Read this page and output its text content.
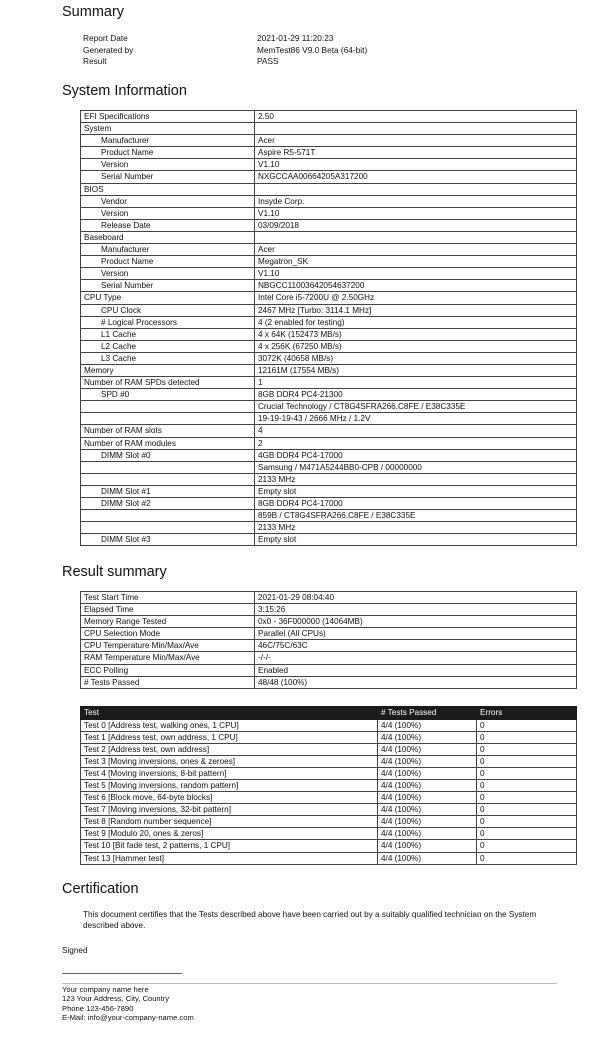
Summary
Report Date	2021-01-29 11:20:23
Generated by	MemTest86 V9.0 Beta (64-bit)
Result	PASS
System Information
EFI Specifications	2.50
System	
Manufacturer	Acer
Product Name	Aspire R5-571T
Version	V1.10
Serial Number	NXGCCAA00664205A317200
BIOS	
Vendor	Insyde Corp.
Version	V1.10
Release Date	03/09/2018
Baseboard	
Manufacturer	Acer
Product Name	Megatron_SK
Version	V1.10
Serial Number	NBGCC11003642054637200
CPU Type	Intel Core i5-7200U @ 2.50GHz
CPU Clock	2467 MHz [Turbo: 3114.1 MHz]
# Logical Processors	4 (2 enabled for testing)
L1 Cache	4 x 64K (152473 MB/s)
L2 Cache	4 x 256K (67250 MB/s)
L3 Cache	3072K (40658 MB/s)
Memory	12161M (17554 MB/s)
Number of RAM SPDs detected	1
SPD #0	8GB DDR4 PC4-21300
	Crucial Technology / CT8G4SFRA266.C8FE / E38C335E
	19-19-19-43 / 2666 MHz / 1.2V
Number of RAM slots	4
Number of RAM modules	2
DIMM Slot #0	4GB DDR4 PC4-17000
	Samsung / M471A5244BB0-CPB / 00000000
	2133 MHz
DIMM Slot #1	Empty slot
DIMM Slot #2	8GB DDR4 PC4-17000
	859B / CT8G4SFRA266.C8FE / E38C335E
	2133 MHz
DIMM Slot #3	Empty slot
Result summary
Test Start Time	2021-01-29 08:04:40
Elapsed Time	3:15:26
Memory Range Tested	0x0 - 36F000000 (14064MB)
CPU Selection Mode	Parallel (All CPUs)
CPU Temperature Min/Max/Ave	46C/75C/63C
RAM Temperature Min/Max/Ave	-/-/-
ECC Polling	Enabled
# Tests Passed	48/48 (100%)
Test	# Tests Passed	Errors
Test 0 [Address test, walking ones, 1 CPU]	4/4 (100%)	0
Test 1 [Address test, own address, 1 CPU]	4/4 (100%)	0
Test 2 [Address test, own address]	4/4 (100%)	0
Test 3 [Moving inversions, ones & zeroes]	4/4 (100%)	0
Test 4 [Moving inversions, 8-bit pattern]	4/4 (100%)	0
Test 5 [Moving inversions, random pattern]	4/4 (100%)	0
Test 6 [Block move, 64-byte blocks]	4/4 (100%)	0
Test 7 [Moving inversions, 32-bit pattern]	4/4 (100%)	0
Test 8 [Random number sequence]	4/4 (100%)	0
Test 9 [Modulo 20, ones & zeros]	4/4 (100%)	0
Test 10 [Bit fade test, 2 patterns, 1 CPU]	4/4 (100%)	0
Test 13 [Hammer test]	4/4 (100%)	0
Certification
This document certifies that the Tests described above have been carried out by a suitably qualified technician on the System described above.
Signed
Your company name here
123 Your Address, City, Country
Phone 123-456-7890
E-Mail: info@your-company-name.com
